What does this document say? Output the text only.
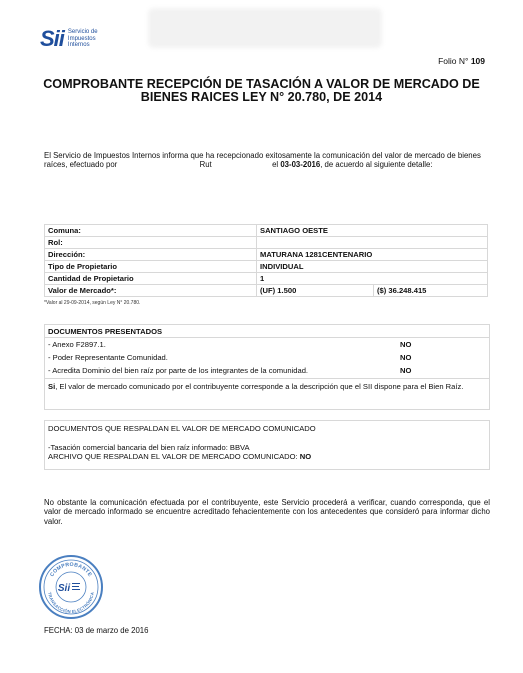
Sii Servicio de
Impuestos
Internos
Folio N° 109
COMPROBANTE RECEPCIÓN DE TASACIÓN A VALOR DE MERCADO DE
BIENES RAICES LEY N° 20.780, DE 2014
El Servicio de Impuestos Internos informa que ha recepcionado exitosamente la comunicación del valor de mercado de bienes raíces, efectuado por	Rut	el 03-03-2016, de acuerdo al siguiente detalle:
Comuna:	SANTIAGO OESTE	
Rol:		
Dirección:	MATURANA 1281CENTENARIO	
Tipo de Propietario	INDIVIDUAL	
Cantidad de Propietario	1	
Valor de Mercado*:	(UF) 1.500	($) 36.248.415
*Valor al 29-09-2014, según Ley N° 20.780.
DOCUMENTOS PRESENTADOS
- Anexo F2897.1.	NO
- Poder Representante Comunidad.	NO
- Acredita Dominio del bien raíz por parte de los integrantes de la comunidad.	NO
Si, El valor de mercado comunicado por el contribuyente corresponde a la descripción que el SII dispone para el Bien Raíz.
DOCUMENTOS QUE RESPALDAN EL VALOR DE MERCADO COMUNICADO
-Tasación comercial bancaria del bien raíz informado: BBVA
ARCHIVO QUE RESPALDAN EL VALOR DE MERCADO COMUNICADO: NO
No obstante la comunicación efectuada por el contribuyente, este Servicio procederá a verificar, cuando corresponda, que el valor de mercado informado se encuentre acreditado fehacientemente con los antecedentes que consideró para informar dicho valor.
COMPROBANTE
TRANSACCIÓN ELECTRÓNICA
Sii
FECHA: 03 de marzo de 2016
